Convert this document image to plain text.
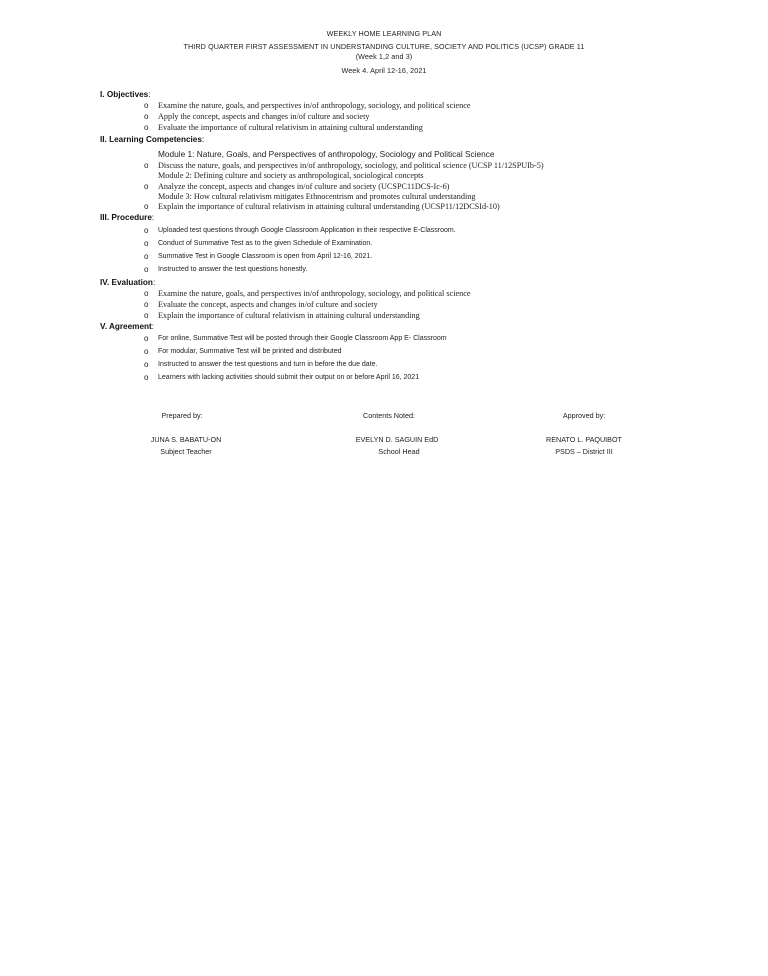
WEEKLY HOME LEARNING PLAN
THIRD QUARTER FIRST ASSESSMENT IN UNDERSTANDING CULTURE, SOCIETY AND POLITICS (UCSP) GRADE 11
(Week 1,2 and 3)
Week 4. April 12-16, 2021
I. Objectives:
o Examine the nature, goals, and perspectives in/of anthropology, sociology, and political science
o Apply the concept, aspects and changes in/of culture and society
o Evaluate the importance of cultural relativism in attaining cultural understanding
II. Learning Competencies:
Module 1: Nature, Goals, and Perspectives of anthropology, Sociology and Political Science
o Discuss the nature, goals, and perspectives in/of anthropology, sociology, and political science (UCSP 11/12SPUIb-5)
Module 2: Defining culture and society as anthropological, sociological concepts
o Analyze the concept, aspects and changes in/of culture and society (UCSPC11DCS-Ic-6)
Module 3: How cultural relativism mitigates Ethnocentrism and promotes cultural understanding
o Explain the importance of cultural relativism in attaining cultural understanding (UCSP11/12DCSId-10)
III. Procedure:
o Uploaded test questions through Google Classroom Application in their respective E-Classroom.
o Conduct of Summative Test as to the given Schedule of Examination.
o Summative Test in Google Classroom is open from April 12-16, 2021.
o Instructed to answer the test questions honestly.
IV. Evaluation:
o Examine the nature, goals, and perspectives in/of anthropology, sociology, and political science
o Evaluate the concept, aspects and changes in/of culture and society
o Explain the importance of cultural relativism in attaining cultural understanding
V. Agreement:
o For online, Summative Test will be posted through their Google Classroom App E- Classroom
o For modular, Summative Test will be printed and distributed
o Instructed to answer the test questions and turn in before the due date.
o Learners with lacking activities should submit their output on or before April 16, 2021
Prepared by:
JUNA S. BABATU-ON
Subject Teacher
Contents Noted:
EVELYN D. SAGUIN EdD
School Head
Approved by:
RENATO L. PAQUIBOT
PSDS – District III
